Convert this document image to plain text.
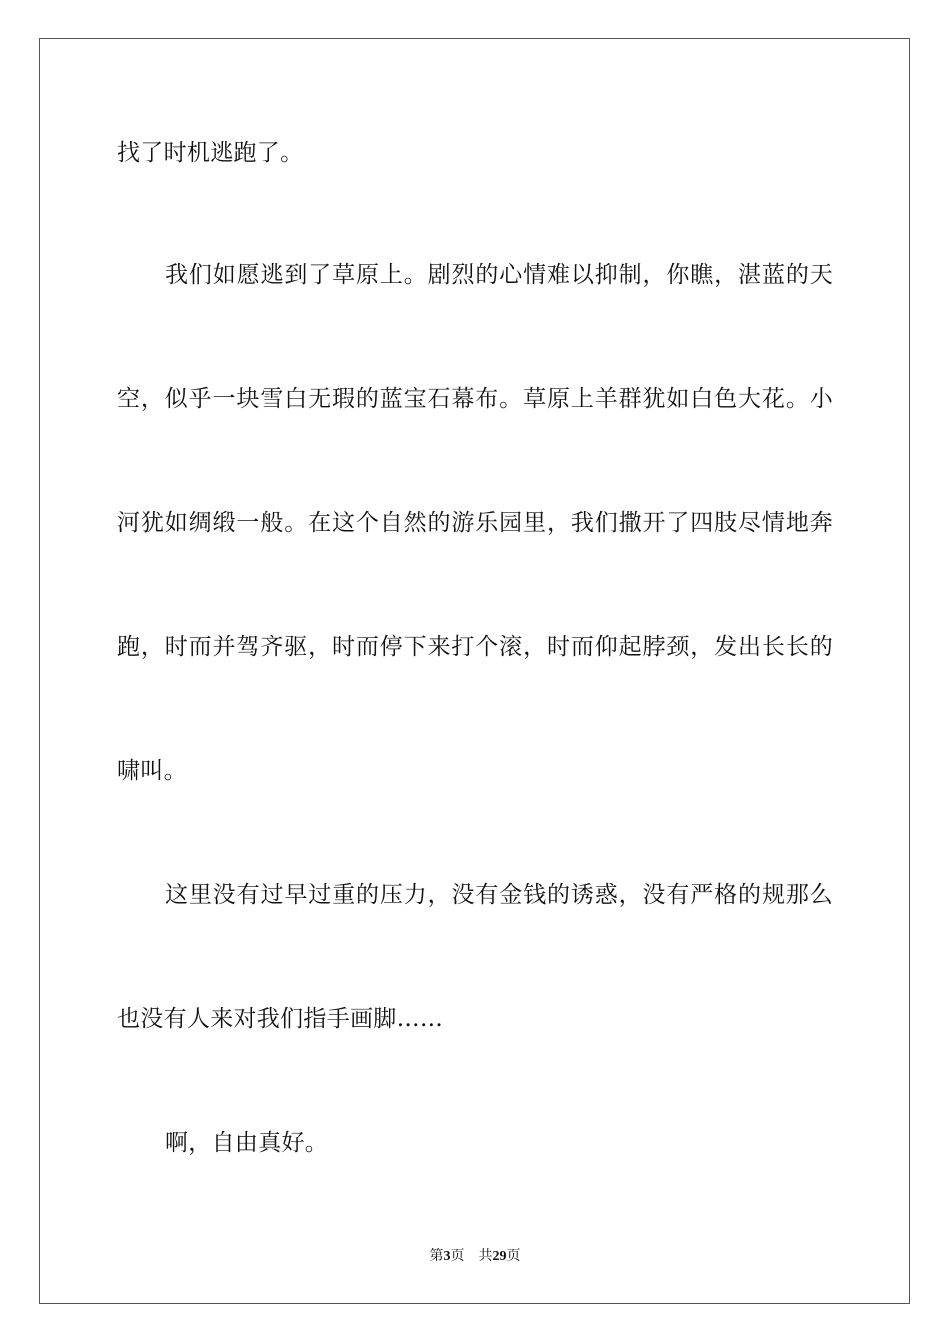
找了时机逃跑了。
我们如愿逃到了草原上。剧烈的心情难以抑制，你瞧，湛蓝的天
空，似乎一块雪白无瑕的蓝宝石幕布。草原上羊群犹如白色大花。小
河犹如绸缎一般。在这个自然的游乐园里，我们撒开了四肢尽情地奔
跑，时而并驾齐驱，时而停下来打个滚，时而仰起脖颈，发出长长的
啸叫。
这里没有过早过重的压力，没有金钱的诱惑，没有严格的规那么
也没有人来对我们指手画脚……
啊，自由真好。
第3页 共29页
